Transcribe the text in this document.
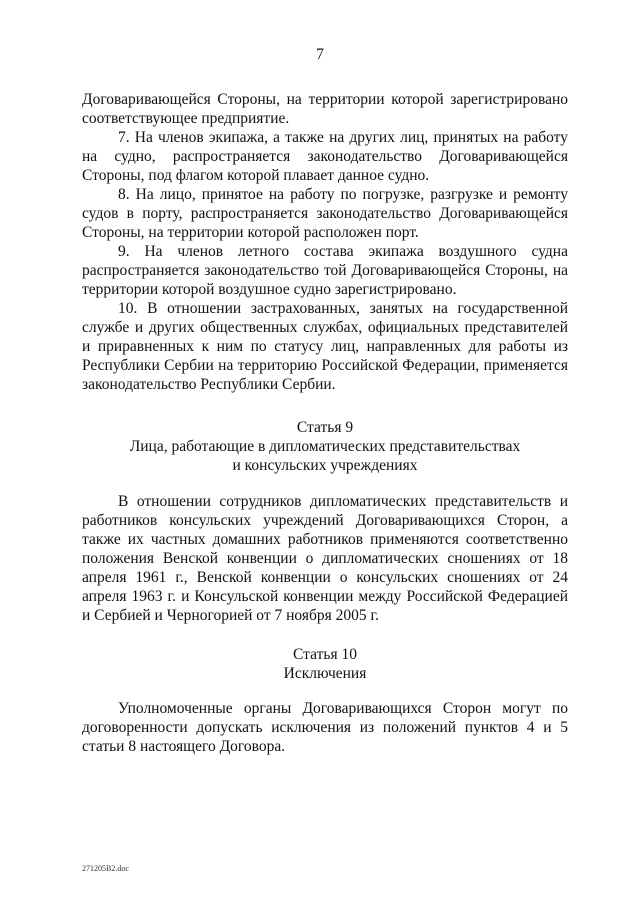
7

Договаривающейся Стороны, на территории которой зарегистрировано соответствующее предприятие.

7. На членов экипажа, а также на других лиц, принятых на работу на судно, распространяется законодательство Договаривающейся Стороны, под флагом которой плавает данное судно.

8. На лицо, принятое на работу по погрузке, разгрузке и ремонту судов в порту, распространяется законодательство Договаривающейся Стороны, на территории которой расположен порт.

9. На членов летного состава экипажа воздушного судна распространяется законодательство той Договаривающейся Стороны, на территории которой воздушное судно зарегистрировано.

10. В отношении застрахованных, занятых на государственной службе и других общественных службах, официальных представителей и приравненных к ним по статусу лиц, направленных для работы из Республики Сербии на территорию Российской Федерации, применяется законодательство Республики Сербии.

Статья 9
Лица, работающие в дипломатических представительствах
и консульских учреждениях

В отношении сотрудников дипломатических представительств и работников консульских учреждений Договаривающихся Сторон, а также их частных домашних работников применяются соответственно положения Венской конвенции о дипломатических сношениях от 18 апреля 1961 г., Венской конвенции о консульских сношениях от 24 апреля 1963 г. и Консульской конвенции между Российской Федерацией и Сербией и Черногорией от 7 ноября 2005 г.

Статья 10
Исключения

Уполномоченные органы Договаривающихся Сторон могут по договоренности допускать исключения из положений пунктов 4 и 5 статьи 8 настоящего Договора.

271205В2.doc
